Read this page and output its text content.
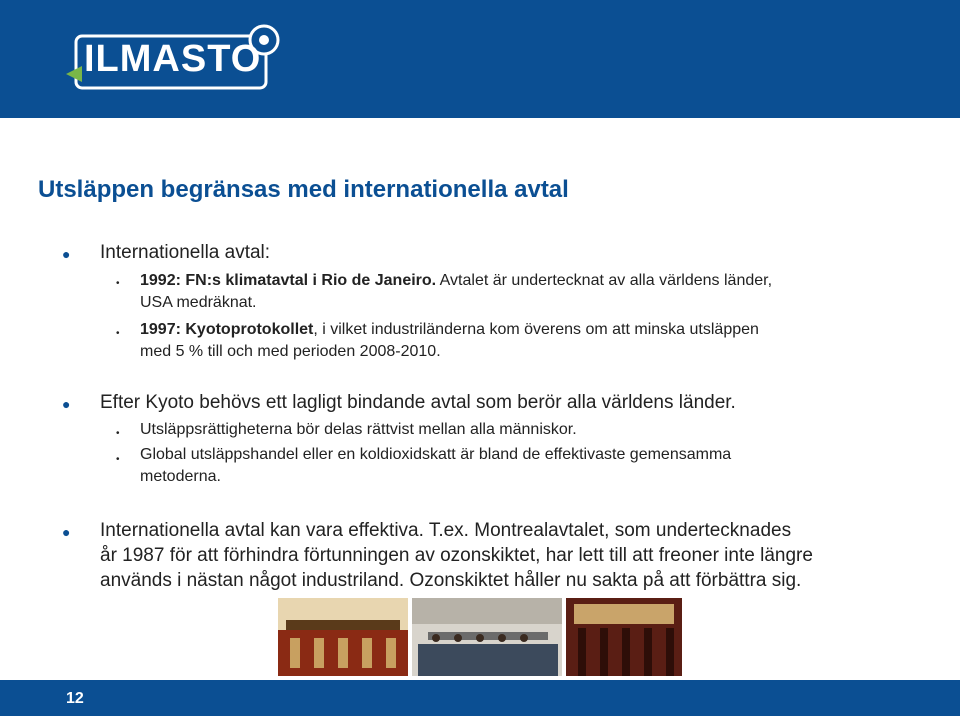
ILMASTO
Utsläppen begränsas med internationella avtal
● Internationella avtal:
• 1992: FN:s klimatavtal i Rio de Janeiro. Avtalet är undertecknat av alla världens länder,
USA medräknat.
• 1997: Kyotoprotokollet, i vilket industriländerna kom överens om att minska utsläppen
med 5 % till och med perioden 2008-2010.
● Efter Kyoto behövs ett lagligt bindande avtal som berör alla världens länder.
• Utsläppsrättigheterna bör delas rättvist mellan alla människor.
• Global utsläppshandel eller en koldioxidskatt är bland de effektivaste gemensamma
metoderna.
● Internationella avtal kan vara effektiva. T.ex. Montrealavtalet, som undertecknades
år 1987 för att förhindra förtunningen av ozonskiktet, har lett till att freoner inte längre
används i nästan något industriland. Ozonskiktet håller nu sakta på att förbättra sig.
12
